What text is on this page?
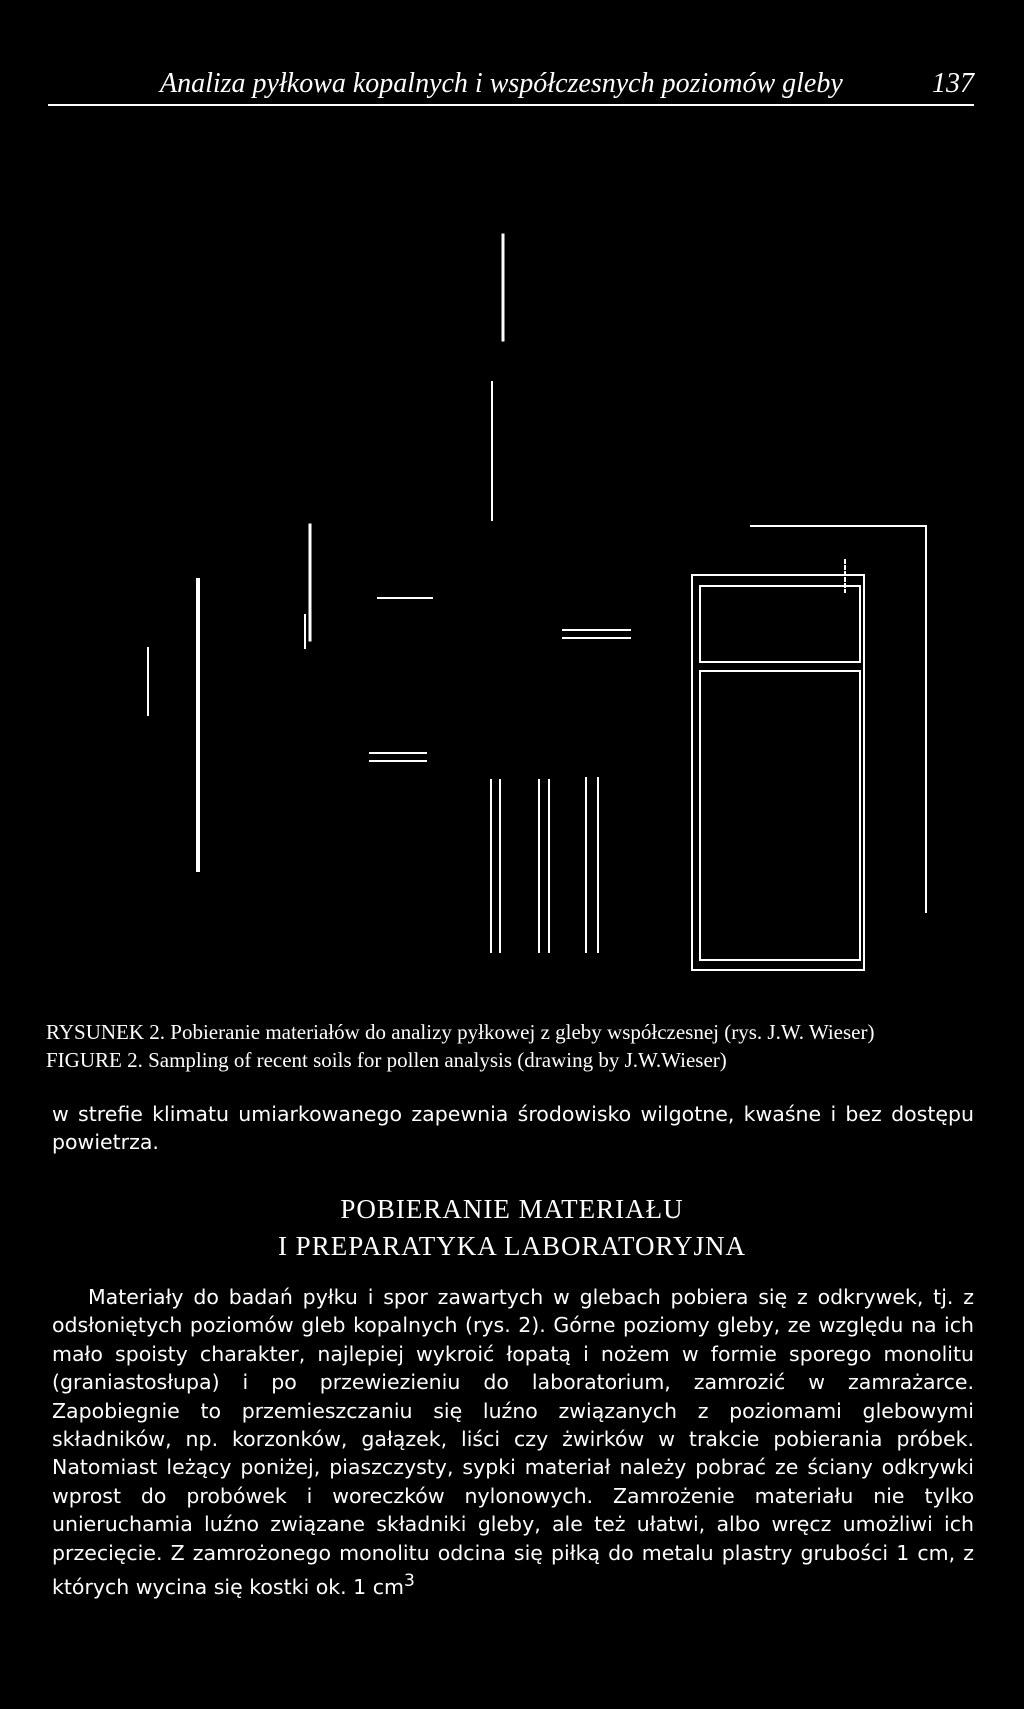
Analiza pyłkowa kopalnych i współczesnych poziomów gleby	137
RYSUNEK 2. Pobieranie materiałów do analizy pyłkowej z gleby współczesnej (rys. J.W. Wieser)
FIGURE 2. Sampling of recent soils for pollen analysis (drawing by J.W.Wieser)

w strefie klimatu umiarkowanego zapewnia środowisko wilgotne, kwaśne i bez dostępu powietrza.

POBIERANIE MATERIAŁU
I PREPARATYKA LABORATORYJNA

Materiały do badań pyłku i spor zawartych w glebach pobiera się z odkrywek, tj. z odsłoniętych poziomów gleb kopalnych (rys. 2). Górne poziomy gleby, ze względu na ich mało spoisty charakter, najlepiej wykroić łopatą i nożem w formie sporego monolitu (graniastosłupa) i po przewiezieniu do laboratorium, zamrozić w zamrażarce. Zapobiegnie to przemieszczaniu się luźno związanych z poziomami glebowymi składników, np. korzonków, gałązek, liści czy żwirków w trakcie pobierania próbek. Natomiast leżący poniżej, piaszczysty, sypki materiał należy pobrać ze ściany odkrywki wprost do probówek i woreczków nylonowych. Zamrożenie materiału nie tylko unieruchamia luźno związane składniki gleby, ale też ułatwi, albo wręcz umożliwi ich przecięcie. Z zamrożonego monolitu odcina się piłką do metalu plastry grubości 1 cm, z których wycina się kostki ok. 1 $cm^3$
